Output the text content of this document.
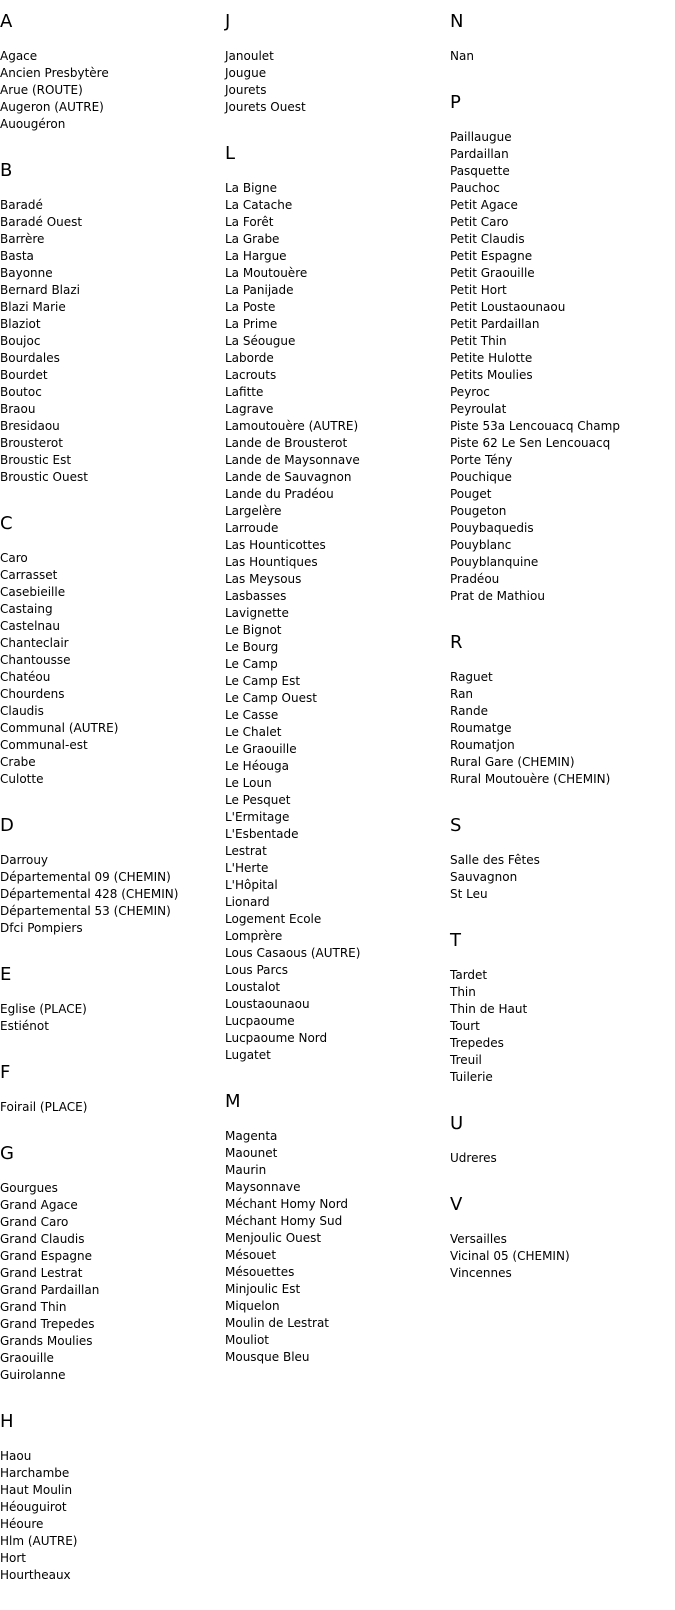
A
Agace
Ancien Presbytère
Arue (ROUTE)
Augeron (AUTRE)
Auougéron
B
Baradé
Baradé Ouest
Barrère
Basta
Bayonne
Bernard Blazi
Blazi Marie
Blaziot
Boujoc
Bourdales
Bourdet
Boutoc
Braou
Bresidaou
Brousterot
Broustic Est
Broustic Ouest
C
Caro
Carrasset
Casebieille
Castaing
Castelnau
Chanteclair
Chantousse
Chatéou
Chourdens
Claudis
Communal (AUTRE)
Communal-est
Crabe
Culotte
D
Darrouy
Départemental 09 (CHEMIN)
Départemental 428 (CHEMIN)
Départemental 53 (CHEMIN)
Dfci Pompiers
E
Eglise (PLACE)
Estiénot
F
Foirail (PLACE)
G
Gourgues
Grand Agace
Grand Caro
Grand Claudis
Grand Espagne
Grand Lestrat
Grand Pardaillan
Grand Thin
Grand Trepedes
Grands Moulies
Graouille
Guirolanne
H
Haou
Harchambe
Haut Moulin
Héouguirot
Héoure
Hlm (AUTRE)
Hort
Hourtheaux
J
Janoulet
Jougue
Jourets
Jourets Ouest
L
La Bigne
La Catache
La Forêt
La Grabe
La Hargue
La Moutouère
La Panijade
La Poste
La Prime
La Séougue
Laborde
Lacrouts
Lafitte
Lagrave
Lamoutouère (AUTRE)
Lande de Brousterot
Lande de Maysonnave
Lande de Sauvagnon
Lande du Pradéou
Largelère
Larroude
Las Hounticottes
Las Hountiques
Las Meysous
Lasbasses
Lavignette
Le Bignot
Le Bourg
Le Camp
Le Camp Est
Le Camp Ouest
Le Casse
Le Chalet
Le Graouille
Le Héouga
Le Loun
Le Pesquet
L'Ermitage
L'Esbentade
Lestrat
L'Herte
L'Hôpital
Lionard
Logement Ecole
Lomprère
Lous Casaous (AUTRE)
Lous Parcs
Loustalot
Loustaounaou
Lucpaoume
Lucpaoume Nord
Lugatet
M
Magenta
Maounet
Maurin
Maysonnave
Méchant Homy Nord
Méchant Homy Sud
Menjoulic Ouest
Mésouet
Mésouettes
Minjoulic Est
Miquelon
Moulin de Lestrat
Mouliot
Mousque Bleu
N
Nan
P
Paillaugue
Pardaillan
Pasquette
Pauchoc
Petit Agace
Petit Caro
Petit Claudis
Petit Espagne
Petit Graouille
Petit Hort
Petit Loustaounaou
Petit Pardaillan
Petit Thin
Petite Hulotte
Petits Moulies
Peyroc
Peyroulat
Piste 53a Lencouacq Champ
Piste 62 Le Sen Lencouacq
Porte Tény
Pouchique
Pouget
Pougeton
Pouybaquedis
Pouyblanc
Pouyblanquine
Pradéou
Prat de Mathiou
R
Raguet
Ran
Rande
Roumatge
Roumatjon
Rural Gare (CHEMIN)
Rural Moutouère (CHEMIN)
S
Salle des Fêtes
Sauvagnon
St Leu
T
Tardet
Thin
Thin de Haut
Tourt
Trepedes
Treuil
Tuilerie
U
Udreres
V
Versailles
Vicinal 05 (CHEMIN)
Vincennes
